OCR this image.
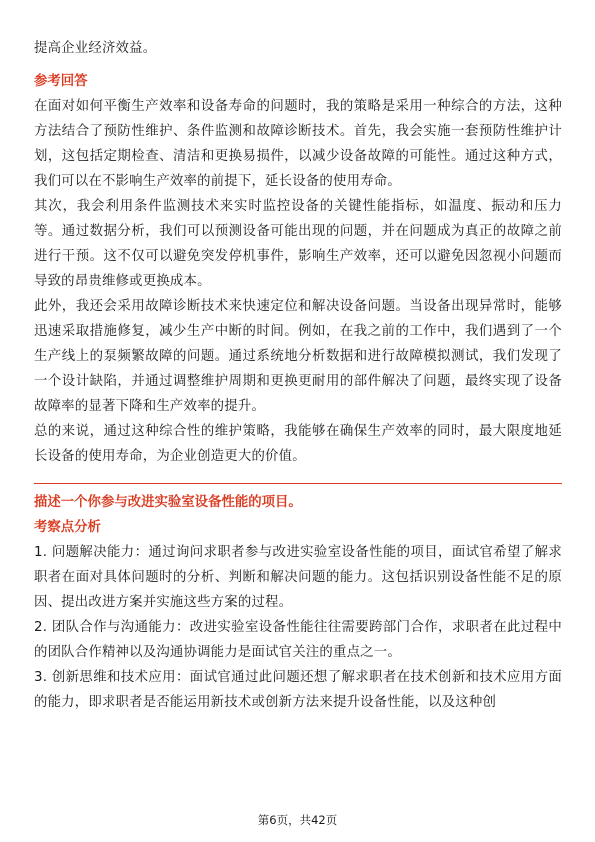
提高企业经济效益。

参考回答

在面对如何平衡生产效率和设备寿命的问题时，我的策略是采用一种综合的方法，这种方法结合了预防性维护、条件监测和故障诊断技术。首先，我会实施一套预防性维护计划，这包括定期检查、清洁和更换易损件，以减少设备故障的可能性。通过这种方式，我们可以在不影响生产效率的前提下，延长设备的使用寿命。

其次，我会利用条件监测技术来实时监控设备的关键性能指标，如温度、振动和压力等。通过数据分析，我们可以预测设备可能出现的问题，并在问题成为真正的故障之前进行干预。这不仅可以避免突发停机事件，影响生产效率，还可以避免因忽视小问题而导致的昂贵维修或更换成本。

此外，我还会采用故障诊断技术来快速定位和解决设备问题。当设备出现异常时，能够迅速采取措施修复，减少生产中断的时间。例如，在我之前的工作中，我们遇到了一个生产线上的泵频繁故障的问题。通过系统地分析数据和进行故障模拟测试，我们发现了一个设计缺陷，并通过调整维护周期和更换更耐用的部件解决了问题，最终实现了设备故障率的显著下降和生产效率的提升。

总的来说，通过这种综合性的维护策略，我能够在确保生产效率的同时，最大限度地延长设备的使用寿命，为企业创造更大的价值。

描述一个你参与改进实验室设备性能的项目。

考察点分析

1. 问题解决能力：通过询问求职者参与改进实验室设备性能的项目，面试官希望了解求职者在面对具体问题时的分析、判断和解决问题的能力。这包括识别设备性能不足的原因、提出改进方案并实施这些方案的过程。

2. 团队合作与沟通能力：改进实验室设备性能往往需要跨部门合作，求职者在此过程中的团队合作精神以及沟通协调能力是面试官关注的重点之一。

3. 创新思维和技术应用：面试官通过此问题还想了解求职者在技术创新和技术应用方面的能力，即求职者是否能运用新技术或创新方法来提升设备性能，以及这种创

第6页，共42页
